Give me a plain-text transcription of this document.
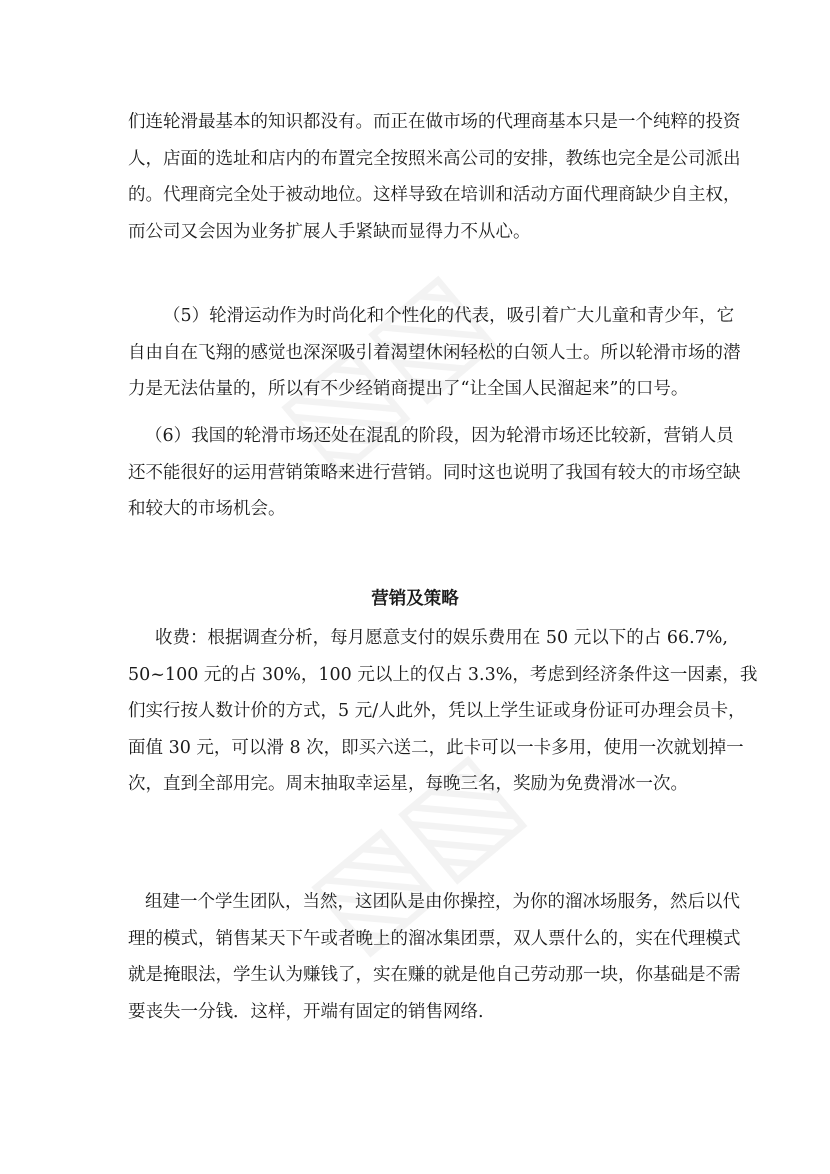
们连轮滑最基本的知识都没有。而正在做市场的代理商基本只是一个纯粹的投资
人，店面的选址和店内的布置完全按照米高公司的安排，教练也完全是公司派出
的。代理商完全处于被动地位。这样导致在培训和活动方面代理商缺少自主权，
而公司又会因为业务扩展人手紧缺而显得力不从心。
（5）轮滑运动作为时尚化和个性化的代表，吸引着广大儿童和青少年，它
自由自在飞翔的感觉也深深吸引着渴望休闲轻松的白领人士。所以轮滑市场的潜
力是无法估量的，所以有不少经销商提出了“让全国人民溜起来”的口号。
（6）我国的轮滑市场还处在混乱的阶段，因为轮滑市场还比较新，营销人员
还不能很好的运用营销策略来进行营销。同时这也说明了我国有较大的市场空缺
和较大的市场机会。
营销及策略
收费：根据调查分析，每月愿意支付的娱乐费用在 50 元以下的占 66.7%,
50~100 元的占 30%，100 元以上的仅占 3.3%，考虑到经济条件这一因素，我
们实行按人数计价的方式，5 元/人此外，凭以上学生证或身份证可办理会员卡，
面值 30 元，可以滑 8 次，即买六送二，此卡可以一卡多用，使用一次就划掉一
次，直到全部用完。周末抽取幸运星，每晚三名，奖励为免费滑冰一次。
组建一个学生团队，当然，这团队是由你操控，为你的溜冰场服务，然后以代
理的模式，销售某天下午或者晚上的溜冰集团票，双人票什么的，实在代理模式
就是掩眼法，学生认为赚钱了，实在赚的就是他自己劳动那一块，你基础是不需
要丧失一分钱．这样，开端有固定的销售网络.
